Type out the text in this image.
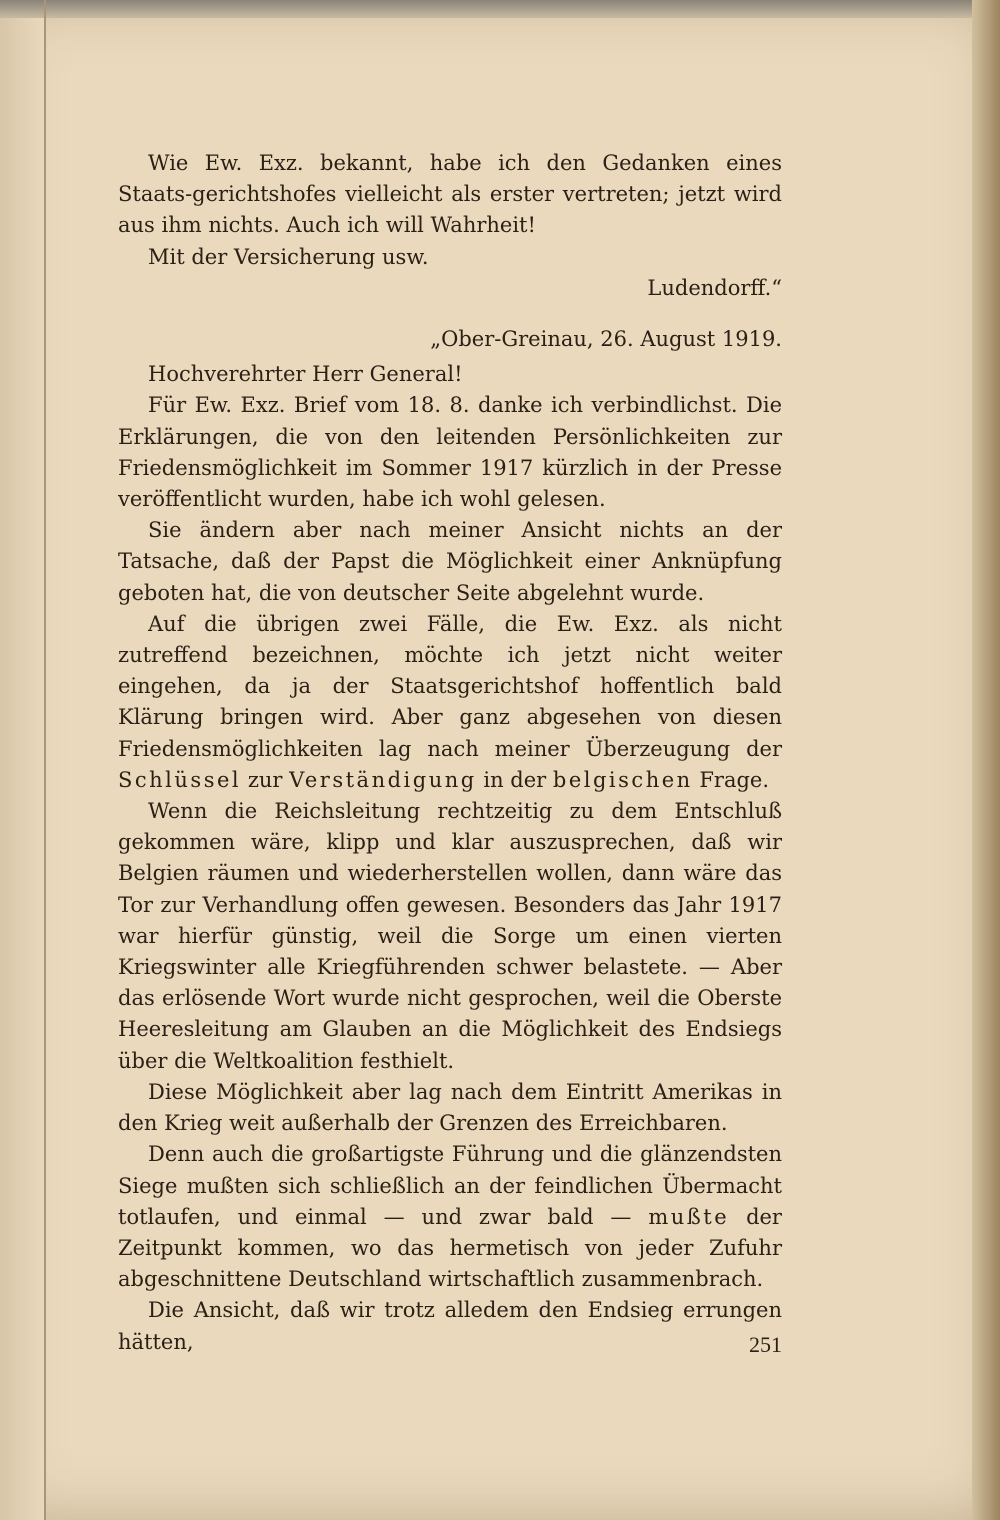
Wie Ew. Exz. bekannt, habe ich den Gedanken eines Staats-gerichtshofes vielleicht als erster vertreten; jetzt wird aus ihm nichts. Auch ich will Wahrheit!

Mit der Versicherung usw.

Ludendorff.“

„Ober-Greinau, 26. August 1919.

Hochverehrter Herr General!

Für Ew. Exz. Brief vom 18. 8. danke ich verbindlichst. Die Erklärungen, die von den leitenden Persönlichkeiten zur Friedensmöglichkeit im Sommer 1917 kürzlich in der Presse veröffentlicht wurden, habe ich wohl gelesen.

Sie ändern aber nach meiner Ansicht nichts an der Tatsache, daß der Papst die Möglichkeit einer Anknüpfung geboten hat, die von deutscher Seite abgelehnt wurde.

Auf die übrigen zwei Fälle, die Ew. Exz. als nicht zutreffend bezeichnen, möchte ich jetzt nicht weiter eingehen, da ja der Staatsgerichtshof hoffentlich bald Klärung bringen wird. Aber ganz abgesehen von diesen Friedensmöglichkeiten lag nach meiner Überzeugung der Schlüssel zur Verständigung in der belgischen Frage.

Wenn die Reichsleitung rechtzeitig zu dem Entschluß gekommen wäre, klipp und klar auszusprechen, daß wir Belgien räumen und wiederherstellen wollen, dann wäre das Tor zur Verhandlung offen gewesen. Besonders das Jahr 1917 war hierfür günstig, weil die Sorge um einen vierten Kriegswinter alle Kriegführenden schwer belastete. — Aber das erlösende Wort wurde nicht gesprochen, weil die Oberste Heeresleitung am Glauben an die Möglichkeit des Endsiegs über die Weltkoalition festhielt.

Diese Möglichkeit aber lag nach dem Eintritt Amerikas in den Krieg weit außerhalb der Grenzen des Erreichbaren.

Denn auch die großartigste Führung und die glänzendsten Siege mußten sich schließlich an der feindlichen Übermacht totlaufen, und einmal — und zwar bald — mußte der Zeitpunkt kommen, wo das hermetisch von jeder Zufuhr abgeschnittene Deutschland wirtschaftlich zusammenbrach.

Die Ansicht, daß wir trotz alledem den Endsieg errungen hätten,	251
